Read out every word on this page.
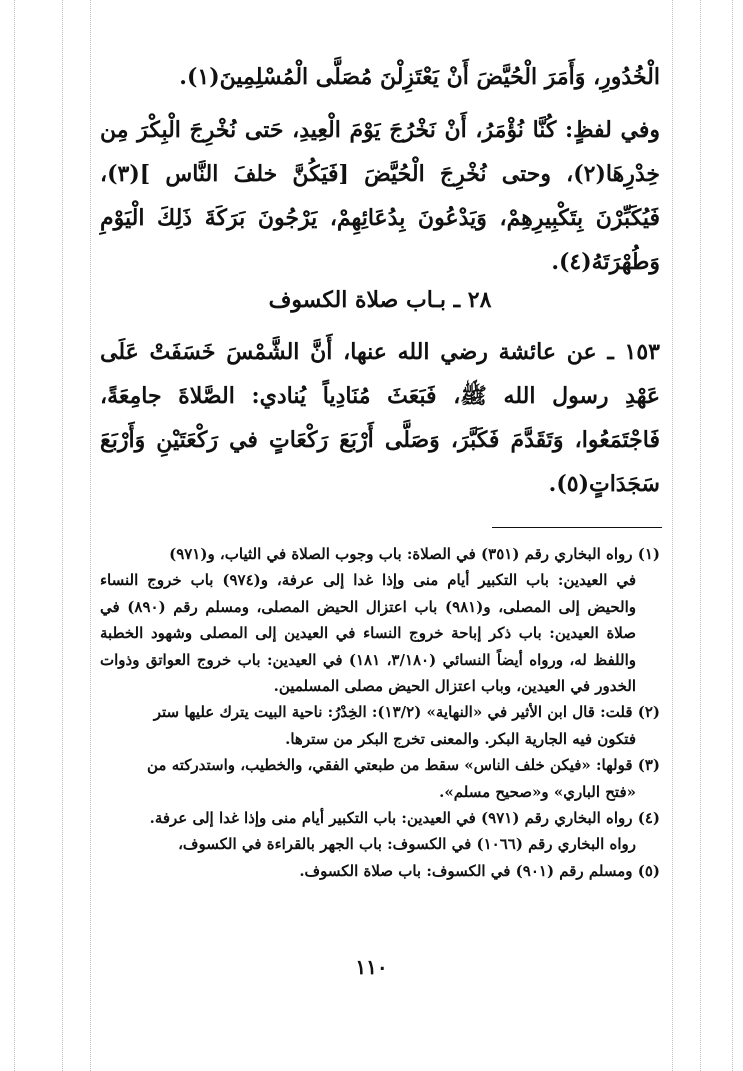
الْخُدُورِ، وَأَمَرَ الْحُيَّضَ أَنْ يَعْتَزِلْنَ مُصَلَّى الْمُسْلِمِينَ(١).

وفي لفظٍ: كُنَّا نُؤْمَرُ، أَنْ نَخْرُجَ يَوْمَ الْعِيدِ، حَتى نُخْرِجَ الْبِكْرَ مِن خِدْرِهَا(٢)، وحتى نُخْرِجَ الْحُيَّضَ [فَيَكُنَّ خلفَ النَّاس ](٣)، فَيُكَبِّرْنَ بِتَكْبِيرِهِمْ، وَيَدْعُونَ بِدُعَائِهِمْ، يَرْجُونَ بَرَكَةَ ذَلِكَ الْيَوْمِ وَطُهْرَتَهُ(٤).

٢٨ ـ بـاب صلاة الكسوف

١٥٣ ـ عن عائشة رضي الله عنها، أَنَّ الشَّمْسَ خَسَفَتْ عَلَى عَهْدِ رسول الله ﷺ، فَبَعَثَ مُنَادِياً يُنادي: الصَّلاةَ جامِعَةً، فَاجْتَمَعُوا، وَتَقَدَّمَ فَكَبَّرَ، وَصَلَّى أَرْبَعَ رَكْعَاتٍ في رَكْعَتَيْنِ وَأَرْبَعَ سَجَدَاتٍ(٥).

(١) رواه البخاري رقم (٣٥١) في الصلاة: باب وجوب الصلاة في الثياب، و(٩٧١)
في العيدين: باب التكبير أيام منى وإذا غدا إلى عرفة، و(٩٧٤) باب خروج النساء والحيض إلى المصلى، و(٩٨١) باب اعتزال الحيض المصلى، ومسلم رقم (٨٩٠) في صلاة العيدين: باب ذكر إباحة خروج النساء في العيدين إلى المصلى وشهود الخطبة واللفظ له، ورواه أيضاً النسائي (٣/١٨٠، ١٨١) في العيدين: باب خروج العواتق وذوات الخدور في العيدين، وباب اعتزال الحيض مصلى المسلمين.
(٢) قلت: قال ابن الأثير في «النهاية» (١٣/٢): الخِدْرُ: ناحية البيت يترك عليها ستر
فتكون فيه الجارية البكر. والمعنى تخرج البكر من سترها.
(٣) قولها: «فيكن خلف الناس» سقط من طبعتي الفقي، والخطيب، واستدركته من
«فتح الباري» و«صحيح مسلم».
(٤) رواه البخاري رقم (٩٧١) في العيدين: باب التكبير أيام منى وإذا غدا إلى عرفة.
رواه البخاري رقم (١٠٦٦) في الكسوف: باب الجهر بالقراءة في الكسوف،
(٥) ومسلم رقم (٩٠١) في الكسوف: باب صلاة الكسوف.
١١٠
